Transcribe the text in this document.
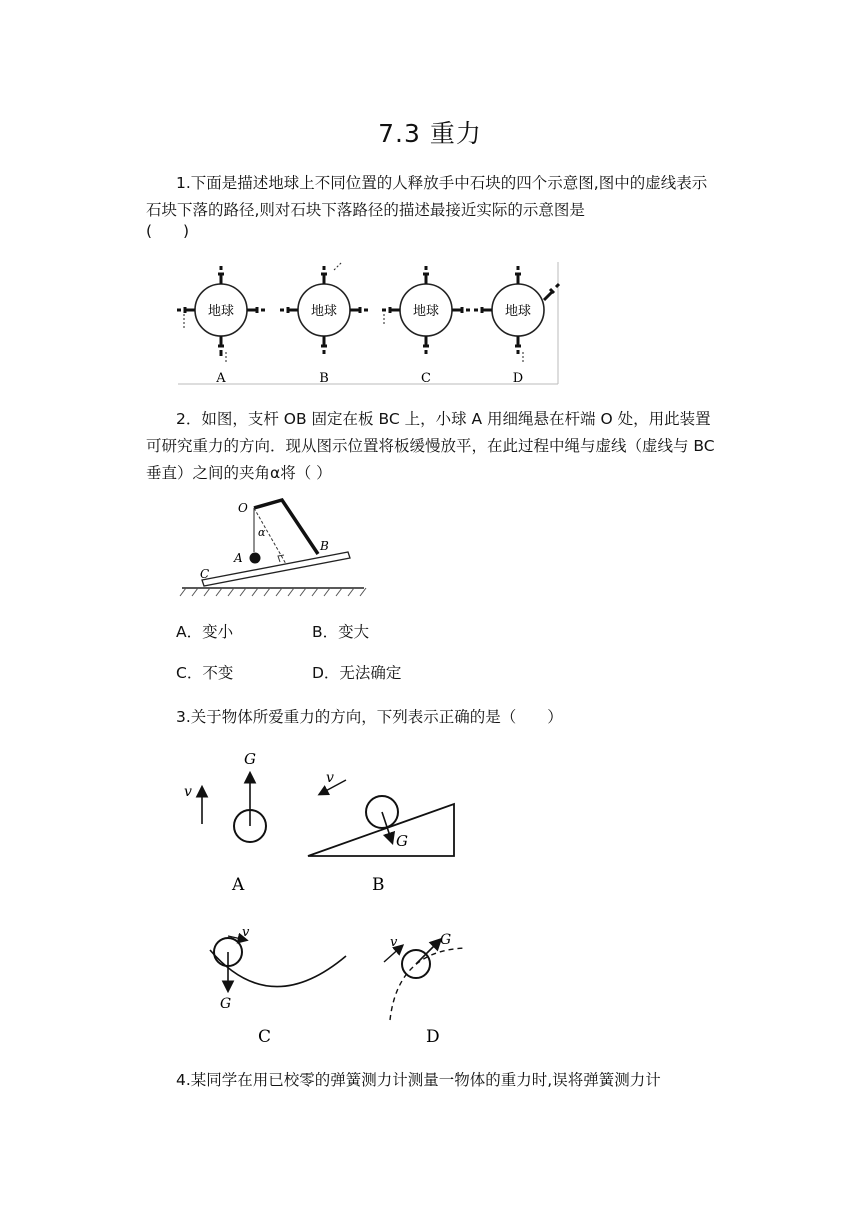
7.3 重力
1.下面是描述地球上不同位置的人释放手中石块的四个示意图,图中的虚线表示石块下落的路径,则对石块下落路径的描述最接近实际的示意图是
(　　)
地球
A
地球
B
地球
C
地球
D
2．如图，支杆 OB 固定在板 BC 上，小球 A 用细绳悬在杆端 O 处，用此装置可研究重力的方向．现从图示位置将板缓慢放平，在此过程中绳与虚线（虚线与 BC 垂直）之间的夹角α将（ ）
O
α
A
B
C
A．变小	B．变大
C．不变	D．无法确定
3.关于物体所爱重力的方向，下列表示正确的是（　　）
v
G
A
G
v
B
G
v
C
G
v
D
4.某同学在用已校零的弹簧测力计测量一物体的重力时,误将弹簧测力计
